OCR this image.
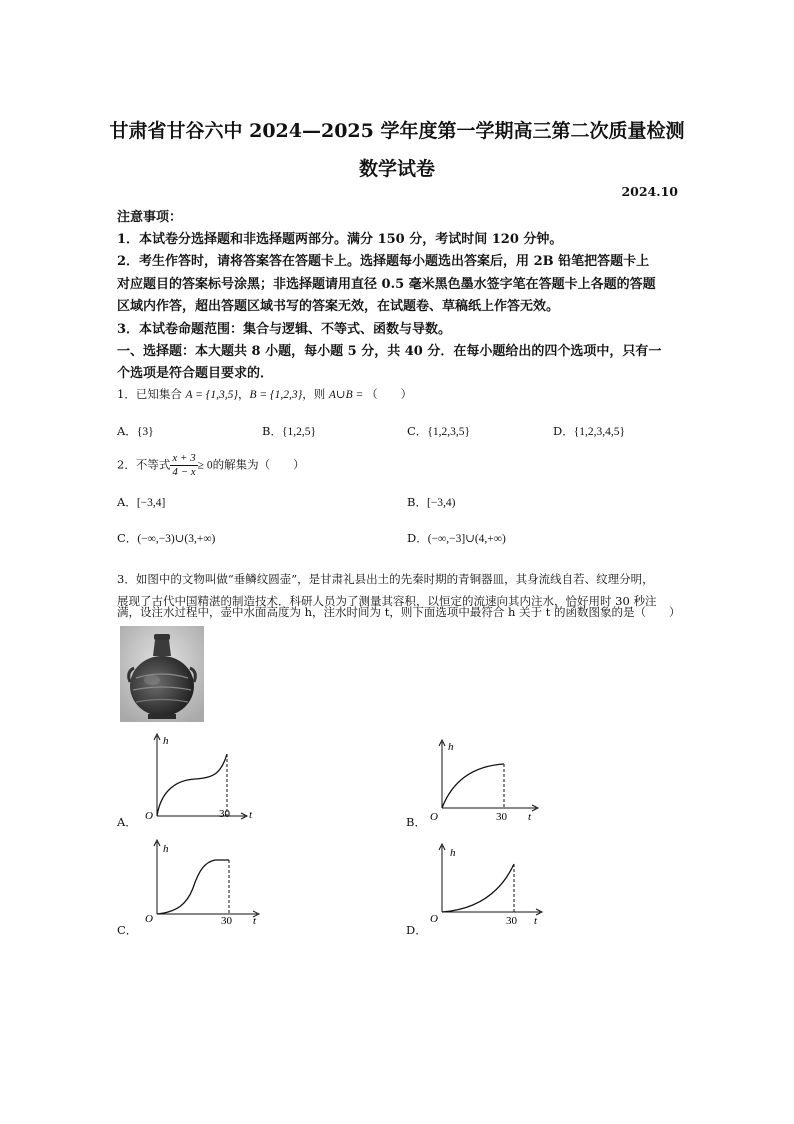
甘肃省甘谷六中 2024—2025 学年度第一学期高三第二次质量检测
数学试卷
2024.10
注意事项：
1．本试卷分选择题和非选择题两部分。满分 150 分，考试时间 120 分钟。
2．考生作答时，请将答案答在答题卡上。选择题每小题选出答案后，用 2B 铅笔把答题卡上
对应题目的答案标号涂黑；非选择题请用直径 0.5 毫米黑色墨水签字笔在答题卡上各题的答题
区域内作答，超出答题区域书写的答案无效，在试题卷、草稿纸上作答无效。
3．本试卷命题范围：集合与逻辑、不等式、函数与导数。
一、选择题：本大题共 8 小题，每小题 5 分，共 40 分．在每小题给出的四个选项中，只有一
个选项是符合题目要求的．
1．已知集合 A = {1,3,5}，B = {1,2,3}，则 A∪B = （　　）
A．{3}	B．{1,2,5}	C．{1,2,3,5}	D．{1,2,3,4,5}
2．不等式 $\frac{x + 3}{4 - x} \ge 0$的解集为（　　）
A．[−3,4]	B．[−3,4)
C．(−∞,−3)∪(3,+∞)	D．(−∞,−3]∪(4,+∞)
3．如图中的文物叫做“垂鳞纹圆壶”，是甘肃礼县出土的先秦时期的青铜器皿，其身流线自若、纹理分明，
展现了古代中国精湛的制造技术．科研人员为了测量其容积，以恒定的流速向其内注水，恰好用时 30 秒注
满，设注水过程中，壶中水面高度为 h，注水时间为 t，则下面选项中最符合 h 关于 t 的函数图象的是（　　）
h
O	30 t
A．
h
O	30 t
B．
h
O	30 t
C．
h
O	30 t
D．
